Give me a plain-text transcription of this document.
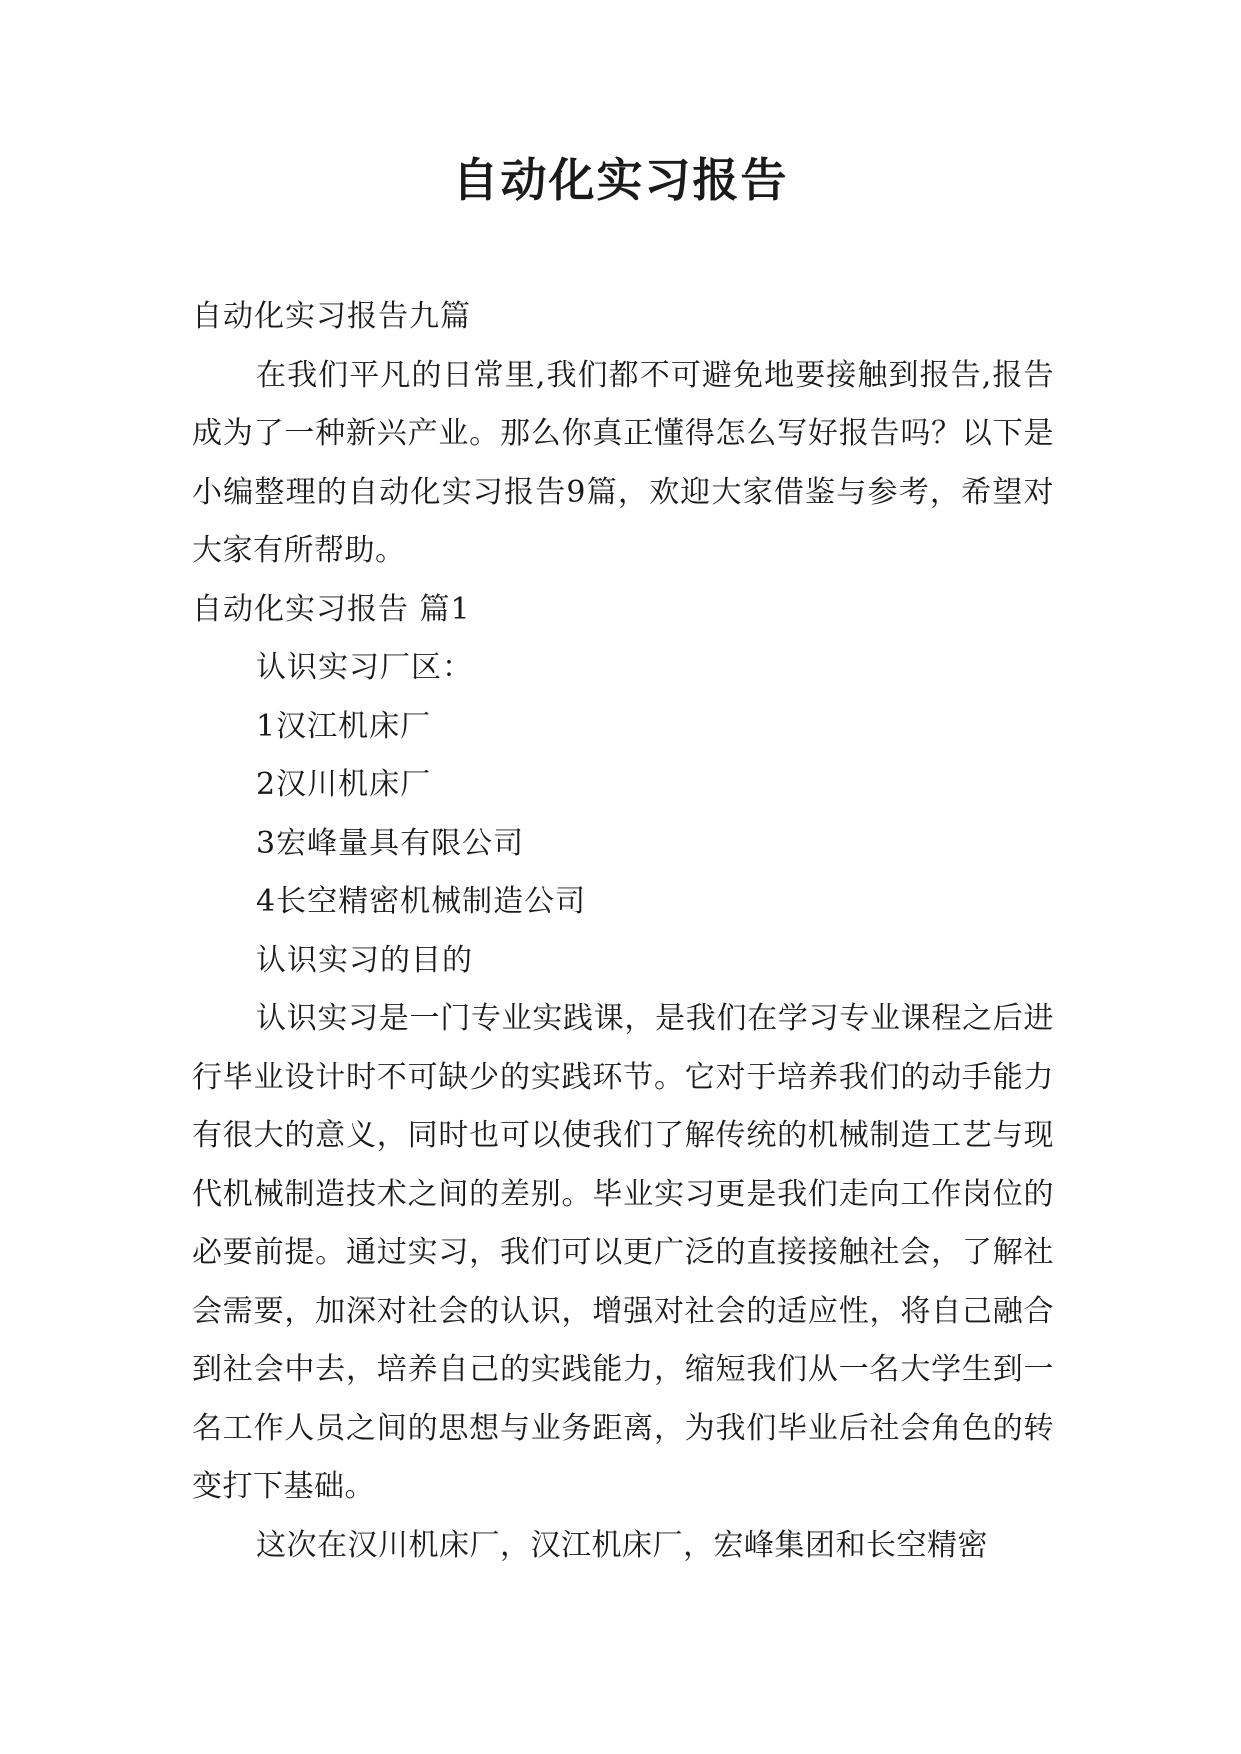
自动化实习报告

自动化实习报告九篇

在我们平凡的日常里,我们都不可避免地要接触到报告,报告成为了一种新兴产业。那么你真正懂得怎么写好报告吗？以下是小编整理的自动化实习报告9篇，欢迎大家借鉴与参考，希望对大家有所帮助。

自动化实习报告 篇1

认识实习厂区：

1汉江机床厂

2汉川机床厂

3宏峰量具有限公司

4长空精密机械制造公司

认识实习的目的

认识实习是一门专业实践课，是我们在学习专业课程之后进行毕业设计时不可缺少的实践环节。它对于培养我们的动手能力有很大的意义，同时也可以使我们了解传统的机械制造工艺与现代机械制造技术之间的差别。毕业实习更是我们走向工作岗位的必要前提。通过实习，我们可以更广泛的直接接触社会，了解社会需要，加深对社会的认识，增强对社会的适应性，将自己融合到社会中去，培养自己的实践能力，缩短我们从一名大学生到一名工作人员之间的思想与业务距离，为我们毕业后社会角色的转变打下基础。

这次在汉川机床厂，汉江机床厂，宏峰集团和长空精密
